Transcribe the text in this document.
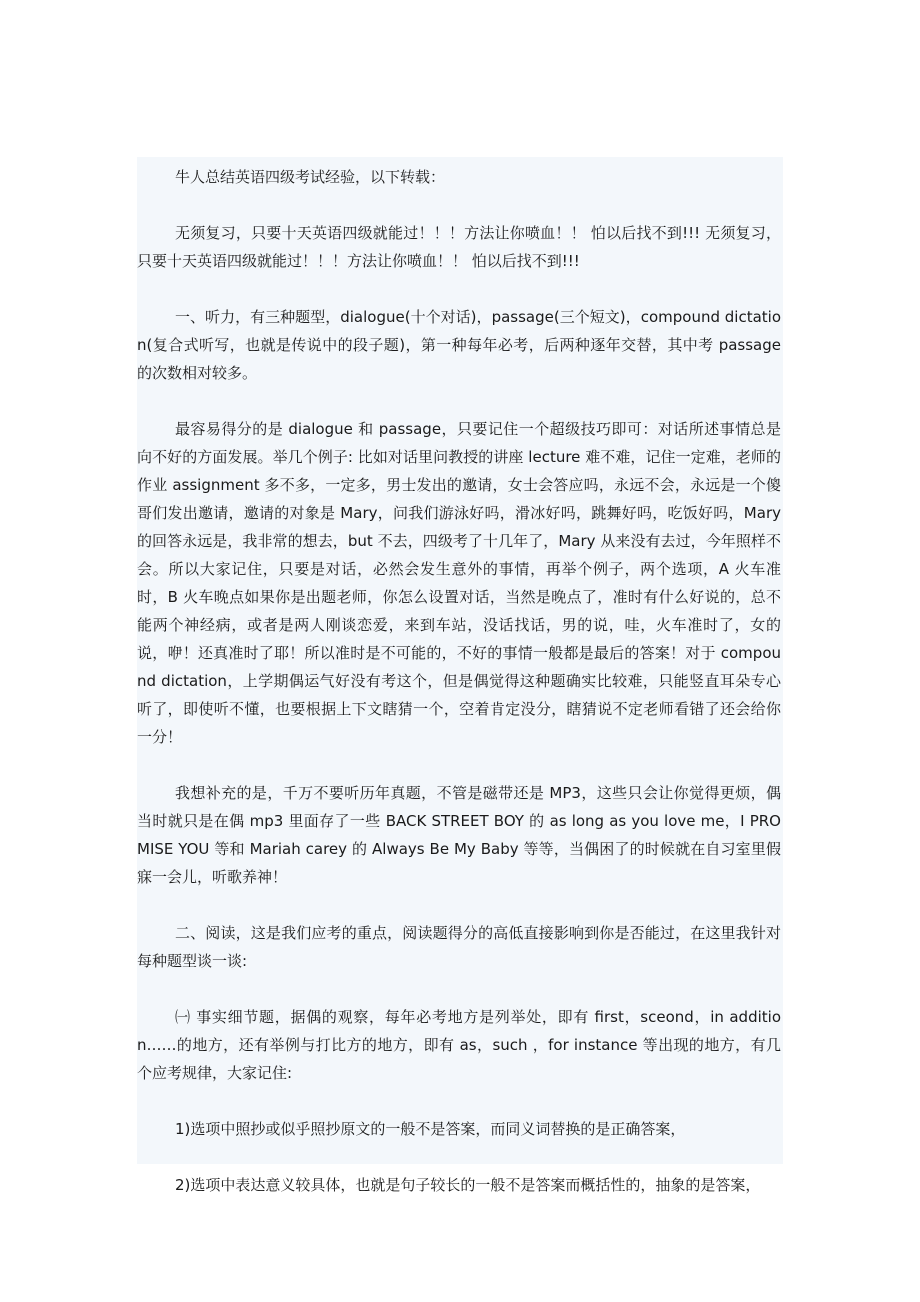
牛人总结英语四级考试经验，以下转载：

无须复习，只要十天英语四级就能过！！！方法让你喷血！！ 怕以后找不到!!! 无须复习，只要十天英语四级就能过！！！方法让你喷血！！ 怕以后找不到!!!

一、听力，有三种题型，dialogue(十个对话)，passage(三个短文)，compound dictation(复合式听写，也就是传说中的段子题)，第一种每年必考，后两种逐年交替，其中考 passage 的次数相对较多。

最容易得分的是 dialogue 和 passage，只要记住一个超级技巧即可：对话所述事情总是向不好的方面发展。举几个例子: 比如对话里问教授的讲座 lecture 难不难，记住一定难，老师的作业 assignment 多不多，一定多，男士发出的邀请，女士会答应吗，永远不会，永远是一个傻哥们发出邀请，邀请的对象是 Mary，问我们游泳好吗，滑冰好吗，跳舞好吗，吃饭好吗，Mary 的回答永远是，我非常的想去，but 不去，四级考了十几年了，Mary 从来没有去过，今年照样不会。所以大家记住，只要是对话，必然会发生意外的事情，再举个例子，两个选项，A 火车准时，B 火车晚点如果你是出题老师，你怎么设置对话，当然是晚点了，准时有什么好说的，总不能两个神经病，或者是两人刚谈恋爱，来到车站，没话找话，男的说，哇，火车准时了，女的说，咿！还真准时了耶！所以准时是不可能的，不好的事情一般都是最后的答案！对于 compound dictation，上学期偶运气好没有考这个，但是偶觉得这种题确实比较难，只能竖直耳朵专心听了，即使听不懂，也要根据上下文瞎猜一个，空着肯定没分，瞎猜说不定老师看错了还会给你一分！

我想补充的是，千万不要听历年真题，不管是磁带还是 MP3，这些只会让你觉得更烦，偶当时就只是在偶 mp3 里面存了一些 BACK STREET BOY 的 as long as you love me，I PROMISE YOU 等和 Mariah carey 的 Always Be My Baby 等等，当偶困了的时候就在自习室里假寐一会儿，听歌养神！

二、阅读，这是我们应考的重点，阅读题得分的高低直接影响到你是否能过，在这里我针对每种题型谈一谈:

㈠ 事实细节题，据偶的观察，每年必考地方是列举处，即有 first，sceond，in addition……的地方，还有举例与打比方的地方，即有 as，such ，for instance 等出现的地方，有几个应考规律，大家记住:

1)选项中照抄或似乎照抄原文的一般不是答案，而同义词替换的是正确答案，

2)选项中表达意义较具体，也就是句子较长的一般不是答案而概括性的，抽象的是答案，
